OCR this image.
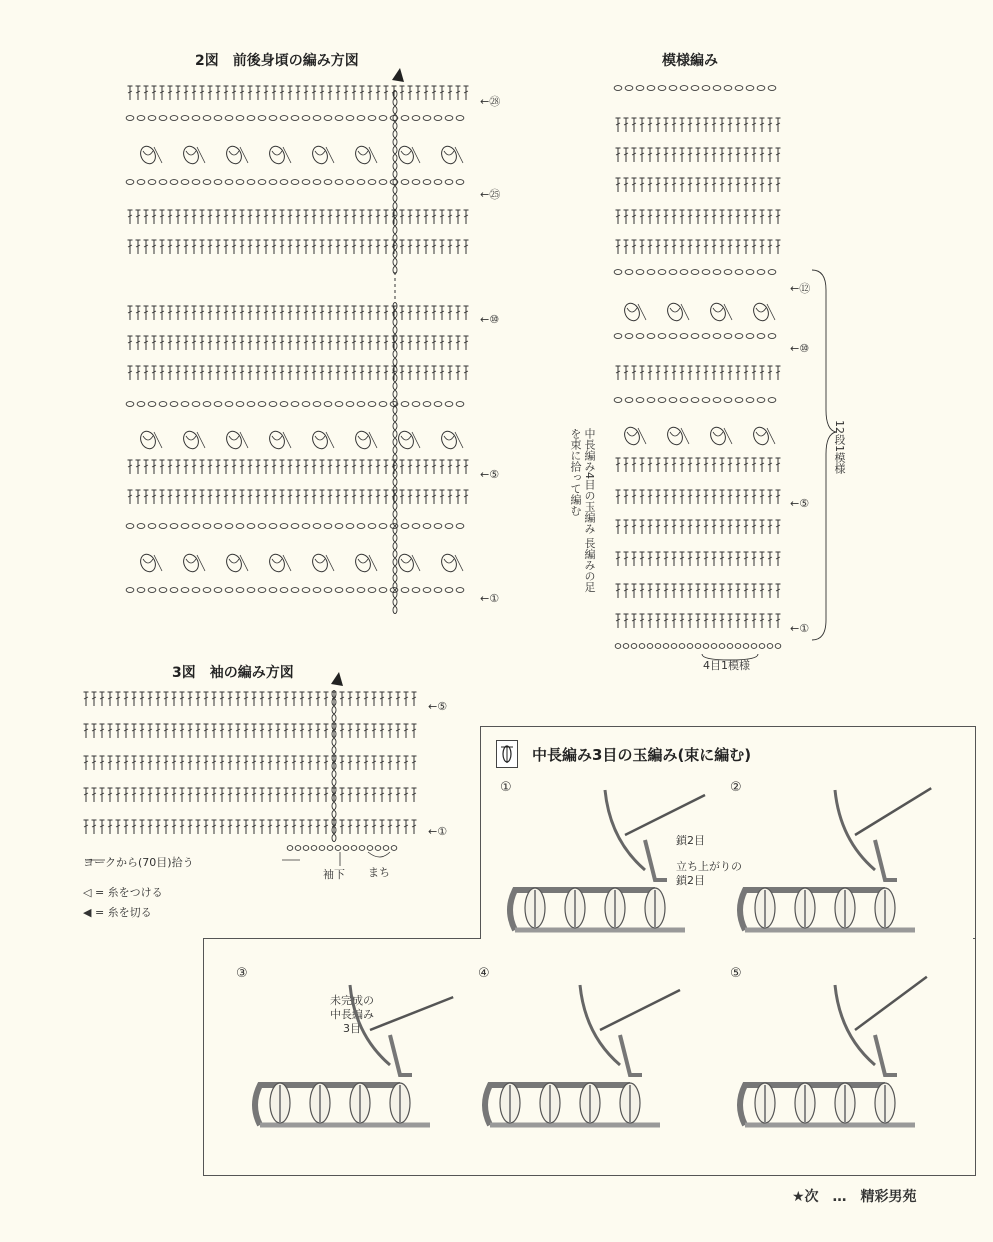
2図　前後身頃の編み方図	模様編み
3図　袖の編み方図
←㉘
←㉕
←⑩
←⑤
←①
←⑫
←⑩
←⑤
←①
12段1模様
4目1模様
中長編み4目の玉編み 長編みの足を束に拾って編む
←⑤
←①
ヨークから(70目)拾う
袖下 まち
◁ = 糸をつける
◀ = 糸を切る
中長編み3目の玉編み(束に編む)
①	②
③	④	⑤
鎖2目
立ち上がりの
鎖2目
未完成の
中長編み
3目
★次　…　精彩男苑
